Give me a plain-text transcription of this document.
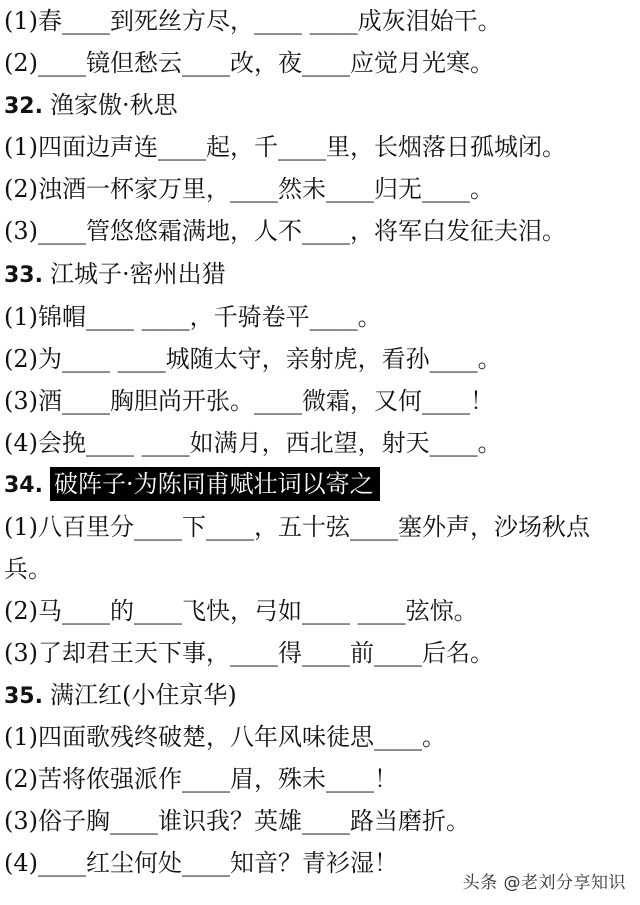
(1)春____到死丝方尽，____ ____成灰泪始干。
(2)____镜但愁云____改，夜____应觉月光寒。
32. 渔家傲·秋思
(1)四面边声连____起，千____里，长烟落日孤城闭。
(2)浊酒一杯家万里，____然未____归无____。
(3)____管悠悠霜满地，人不____，将军白发征夫泪。
33. 江城子·密州出猎
(1)锦帽____ ____，千骑卷平____。
(2)为____ ____城随太守，亲射虎，看孙____。
(3)酒____胸胆尚开张。____微霜，又何____！
(4)会挽____ ____如满月，西北望，射天____。
34. 破阵子·为陈同甫赋壮词以寄之
(1)八百里分____下____，五十弦____塞外声，沙场秋点
兵。
(2)马____的____飞快，弓如____ ____弦惊。
(3)了却君王天下事，____得____前____后名。
35. 满江红(小住京华)
(1)四面歌残终破楚，八年风味徒思____。
(2)苦将侬强派作____眉，殊未____！
(3)俗子胸____谁识我？英雄____路当磨折。
(4)____红尘何处____知音？青衫湿！
头条 @老刘分享知识
